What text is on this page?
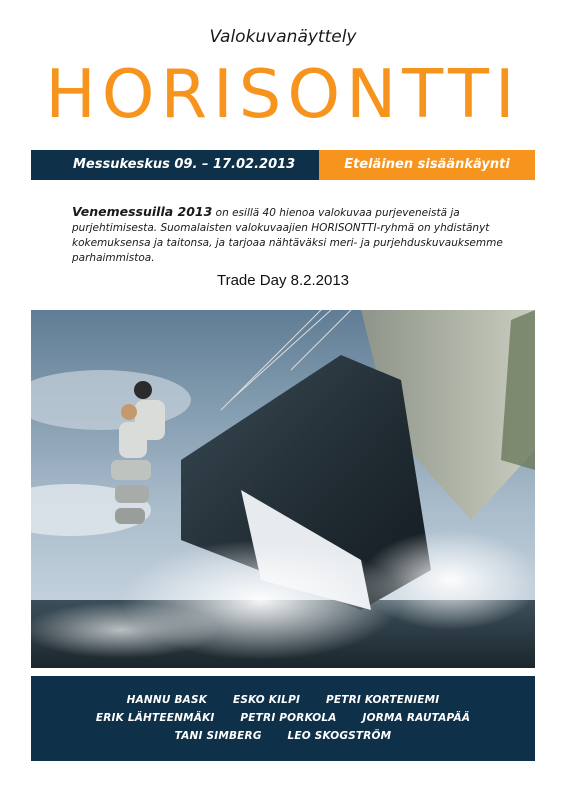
Valokuvanäyttely
HORISONTTI
Messukeskus 09. – 17.02.2013	Eteläinen sisäänkäynti
Venemessuilla 2013 on esillä 40 hienoa valokuvaa purjeveneistä ja purjehtimisesta. Suomalaisten valokuvaajien HORISONTTI-ryhmä on yhdistänyt kokemuksensa ja taitonsa, ja tarjoaa nähtäväksi meri- ja purjehduskuvauksemme parhaimmistoa.
Trade Day 8.2.2013
HANNU BASK ESKO KILPI PETRI KORTENIEMI
ERIK LÄHTEENMÄKI PETRI PORKOLA JORMA RAUTAPÄÄ
TANI SIMBERG LEO SKOGSTRÖM
